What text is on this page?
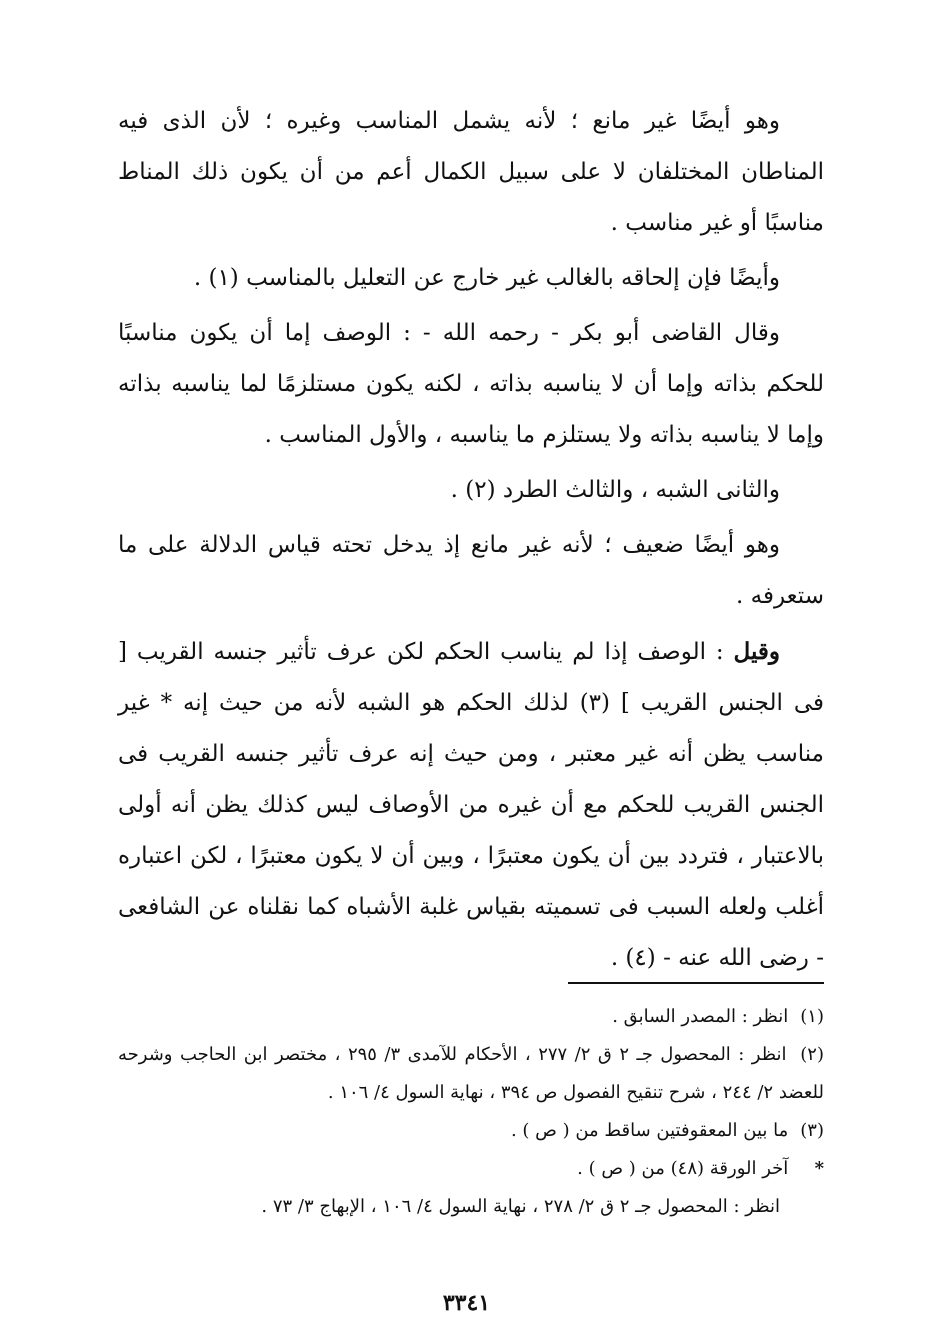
وهو أيضًا غير مانع ؛ لأنه يشمل المناسب وغيره ؛ لأن الذى فيه المناطان المختلفان لا على سبيل الكمال أعم من أن يكون ذلك المناط مناسبًا أو غير مناسب .

وأيضًا فإن إلحاقه بالغالب غير خارج عن التعليل بالمناسب (١) .

وقال القاضى أبو بكر - رحمه الله - : الوصف إما أن يكون مناسبًا للحكم بذاته وإما أن لا يناسبه بذاته ، لكنه يكون مستلزمًا لما يناسبه بذاته وإما لا يناسبه بذاته ولا يستلزم ما يناسبه ، والأول المناسب .

والثانى الشبه ، والثالث الطرد (٢) .

وهو أيضًا ضعيف ؛ لأنه غير مانع إذ يدخل تحته قياس الدلالة على ما ستعرفه .

وقيل : الوصف إذا لم يناسب الحكم لكن عرف تأثير جنسه القريب [ فى الجنس القريب ] (٣) لذلك الحكم هو الشبه لأنه من حيث إنه * غير مناسب يظن أنه غير معتبر ، ومن حيث إنه عرف تأثير جنسه القريب فى الجنس القريب للحكم مع أن غيره من الأوصاف ليس كذلك يظن أنه أولى بالاعتبار ، فتردد بين أن يكون معتبرًا ، وبين أن لا يكون معتبرًا ، لكن اعتباره أغلب ولعله السبب فى تسميته بقياس غلبة الأشباه كما نقلناه عن الشافعى - رضى الله عنه - (٤) .

(١) انظر : المصدر السابق .

(٢) انظر : المحصول جـ ٢ ق ٢/ ٢٧٧ ، الأحكام للآمدى ٣/ ٢٩٥ ، مختصر ابن الحاجب وشرحه للعضد ٢/ ٢٤٤ ، شرح تنقيح الفصول ص ٣٩٤ ، نهاية السول ٤/ ١٠٦ .

(٣) ما بين المعقوفتين ساقط من ( ص ) .

* آخر الورقة (٤٨) من ( ص ) .

انظر : المحصول جـ ٢ ق ٢/ ٢٧٨ ، نهاية السول ٤/ ١٠٦ ، الإبهاج ٣/ ٧٣ .

٣٣٤١
